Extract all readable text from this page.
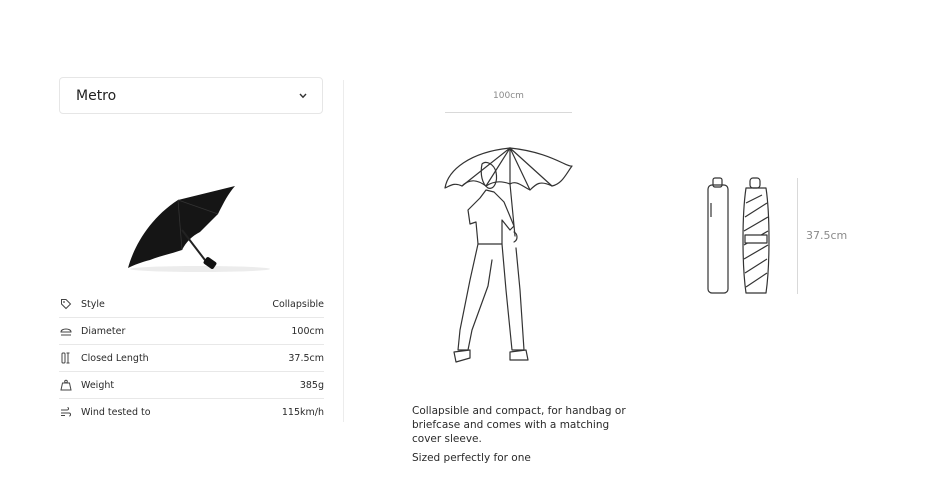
Metro
Style	Collapsible
Diameter	100cm
Closed Length	37.5cm
Weight	385g
Wind tested to	115km/h
100cm
37.5cm
Collapsible and compact, for handbag or briefcase and comes with a matching cover sleeve.
Sized perfectly for one
